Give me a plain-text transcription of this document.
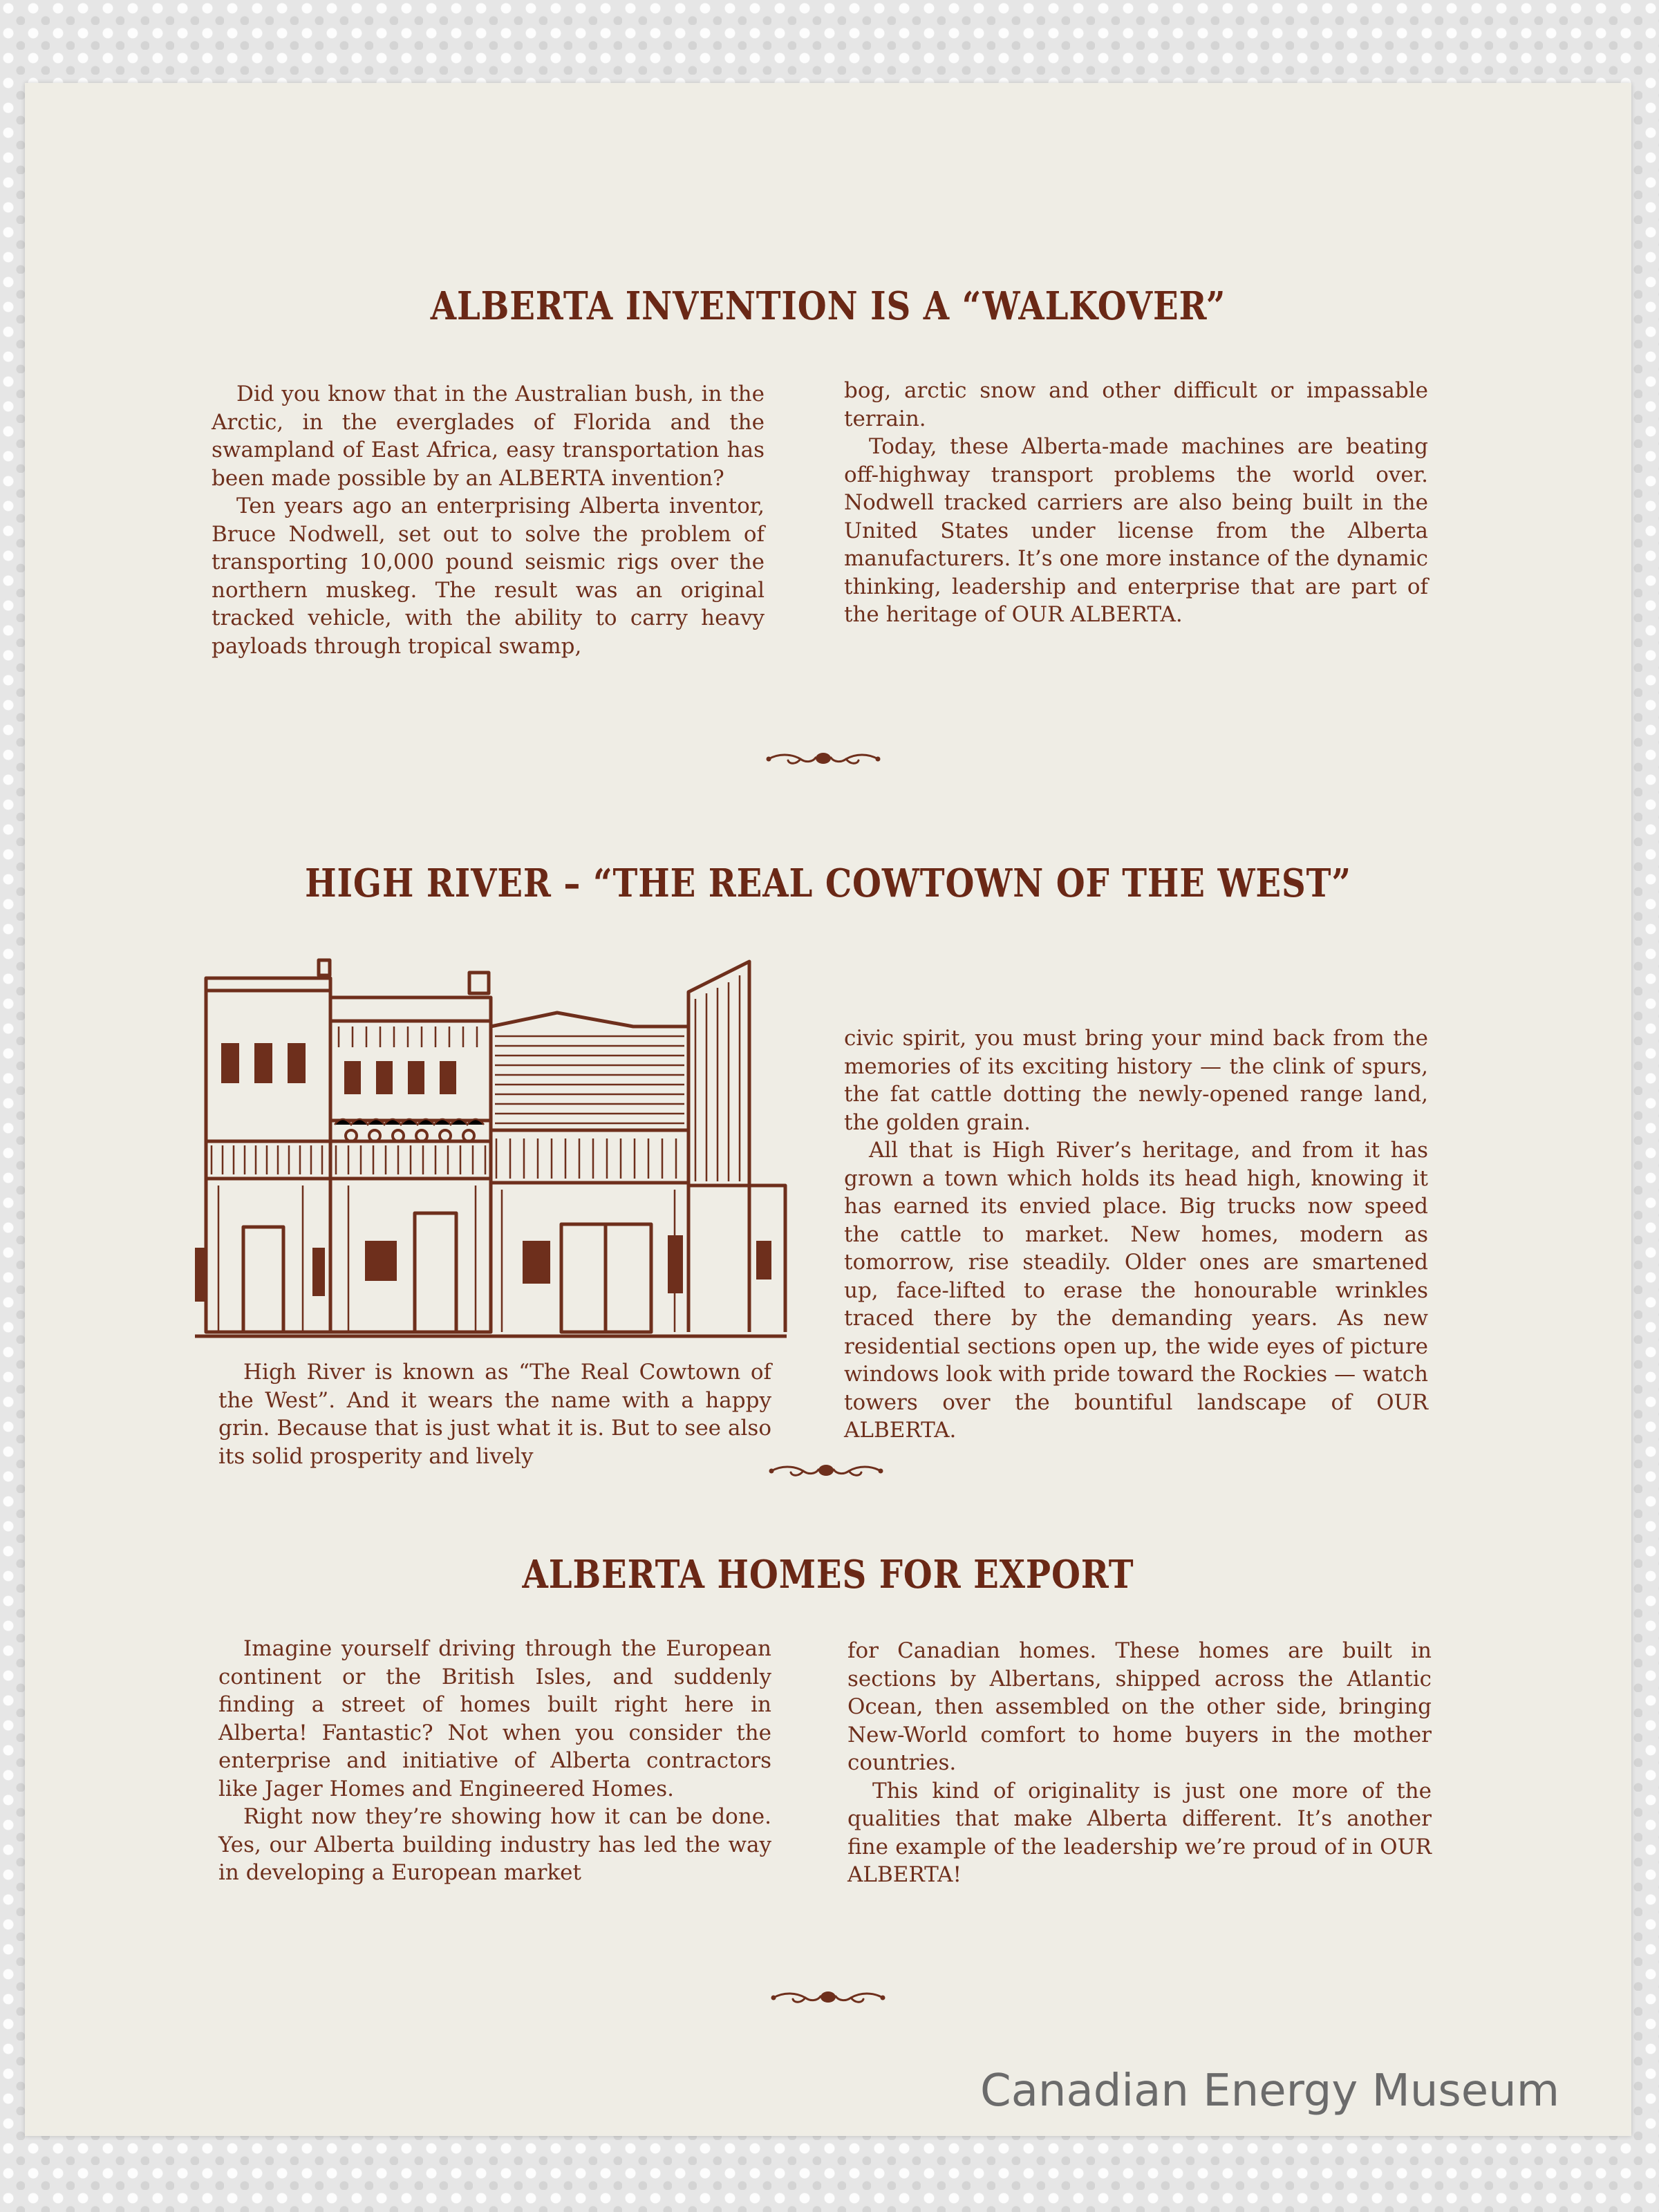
ALBERTA INVENTION IS A “WALKOVER”

Did you know that in the Australian bush, in the Arctic, in the everglades of Florida and the swampland of East Africa, easy transportation has been made possible by an ALBERTA invention?

Ten years ago an enterprising Alberta inventor, Bruce Nodwell, set out to solve the problem of transporting 10,000 pound seismic rigs over the northern muskeg. The result was an original tracked vehicle, with the ability to carry heavy payloads through tropical swamp,

bog, arctic snow and other difficult or impassable terrain.

Today, these Alberta-made machines are beating off-highway transport problems the world over. Nodwell tracked carriers are also being built in the United States under license from the Alberta manufacturers. It’s one more instance of the dynamic thinking, leadership and enterprise that are part of the heritage of OUR ALBERTA.

HIGH RIVER – “THE REAL COWTOWN OF THE WEST”

High River is known as “The Real Cowtown of the West”. And it wears the name with a happy grin. Because that is just what it is. But to see also its solid prosperity and lively

civic spirit, you must bring your mind back from the memories of its exciting history — the clink of spurs, the fat cattle dotting the newly-opened range land, the golden grain.

All that is High River’s heritage, and from it has grown a town which holds its head high, knowing it has earned its envied place. Big trucks now speed the cattle to market. New homes, modern as tomorrow, rise steadily. Older ones are smartened up, face-lifted to erase the honourable wrinkles traced there by the demanding years. As new residential sections open up, the wide eyes of picture windows look with pride toward the Rockies — watch towers over the bountiful landscape of OUR ALBERTA.

ALBERTA HOMES FOR EXPORT

Imagine yourself driving through the European continent or the British Isles, and suddenly finding a street of homes built right here in Alberta! Fantastic? Not when you consider the enterprise and initiative of Alberta contractors like Jager Homes and Engineered Homes.

Right now they’re showing how it can be done. Yes, our Alberta building industry has led the way in developing a European market

for Canadian homes. These homes are built in sections by Albertans, shipped across the Atlantic Ocean, then assembled on the other side, bringing New-World comfort to home buyers in the mother countries.

This kind of originality is just one more of the qualities that make Alberta different. It’s another fine example of the leadership we’re proud of in OUR ALBERTA!

Canadian Energy Museum
